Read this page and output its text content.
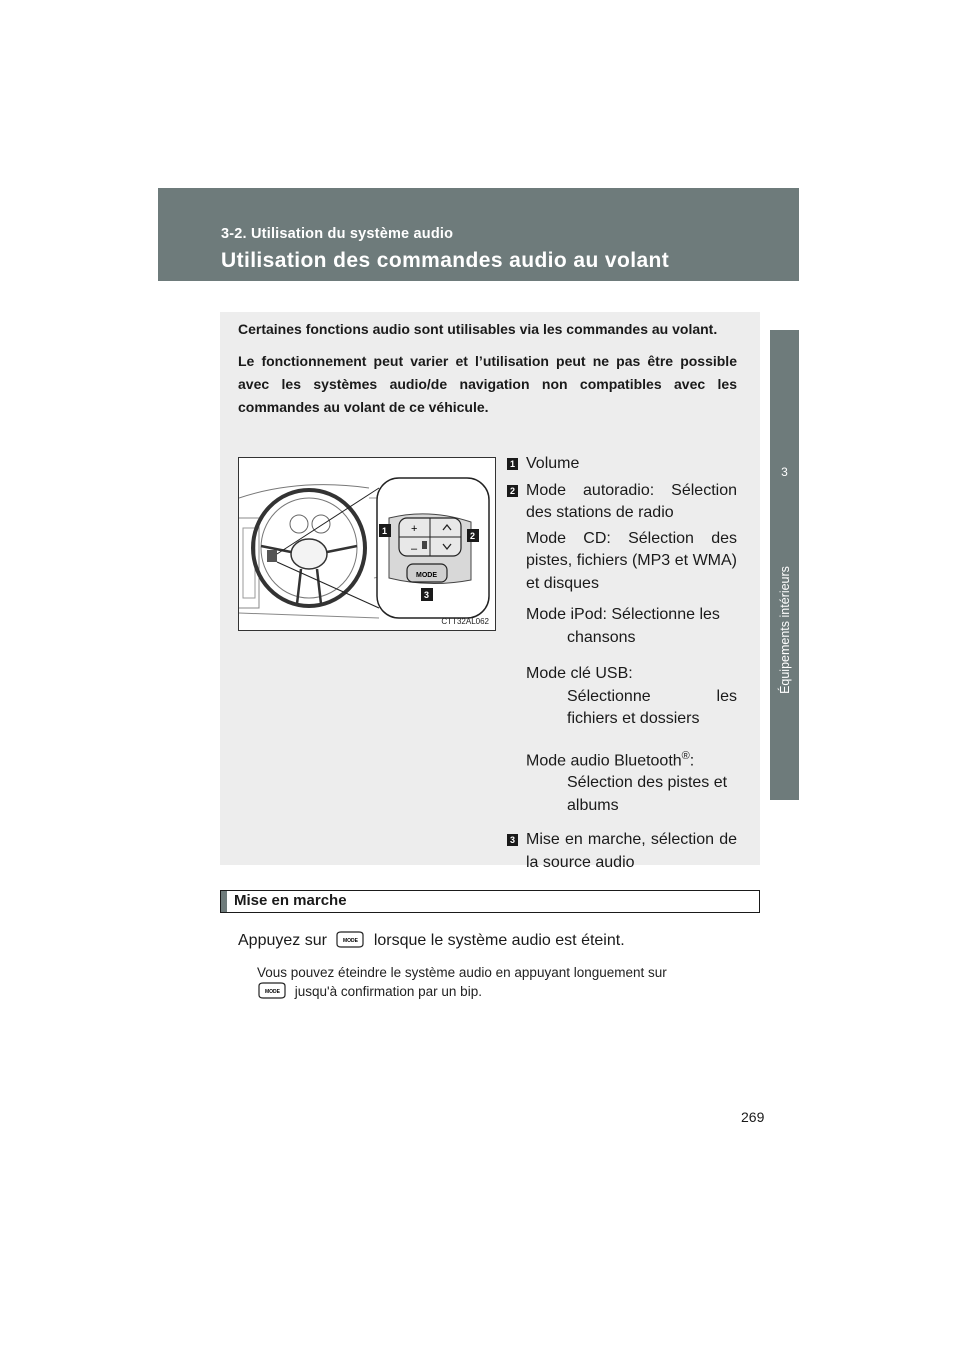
3-2. Utilisation du système audio
Utilisation des commandes audio au volant
3
Équipements intérieurs

Certaines fonctions audio sont utilisables via les commandes au volant.

Le fonctionnement peut varier et l’utilisation peut ne pas être possible avec les systèmes audio/de navigation non compatibles avec les commandes au volant de ce véhicule.

+
–
MODE
1	2
3
CTT32AL062
1 Volume
2 Mode autoradio: Sélection des stations de radio
Mode CD: Sélection des pistes, fichiers (MP3 et WMA) et disques
Mode iPod: Sélectionne les
chansons
Mode clé USB:
Sélectionne	les
fichiers et dossiers
Mode audio Bluetooth®:
Sélection des pistes et albums
3 Mise en marche, sélection de la source audio
Mise en marche
Appuyez sur	MODE lorsque le système audio est éteint.
Vous pouvez éteindre le système audio en appuyant longuement sur

MODE jusqu'à confirmation par un bip.
269
